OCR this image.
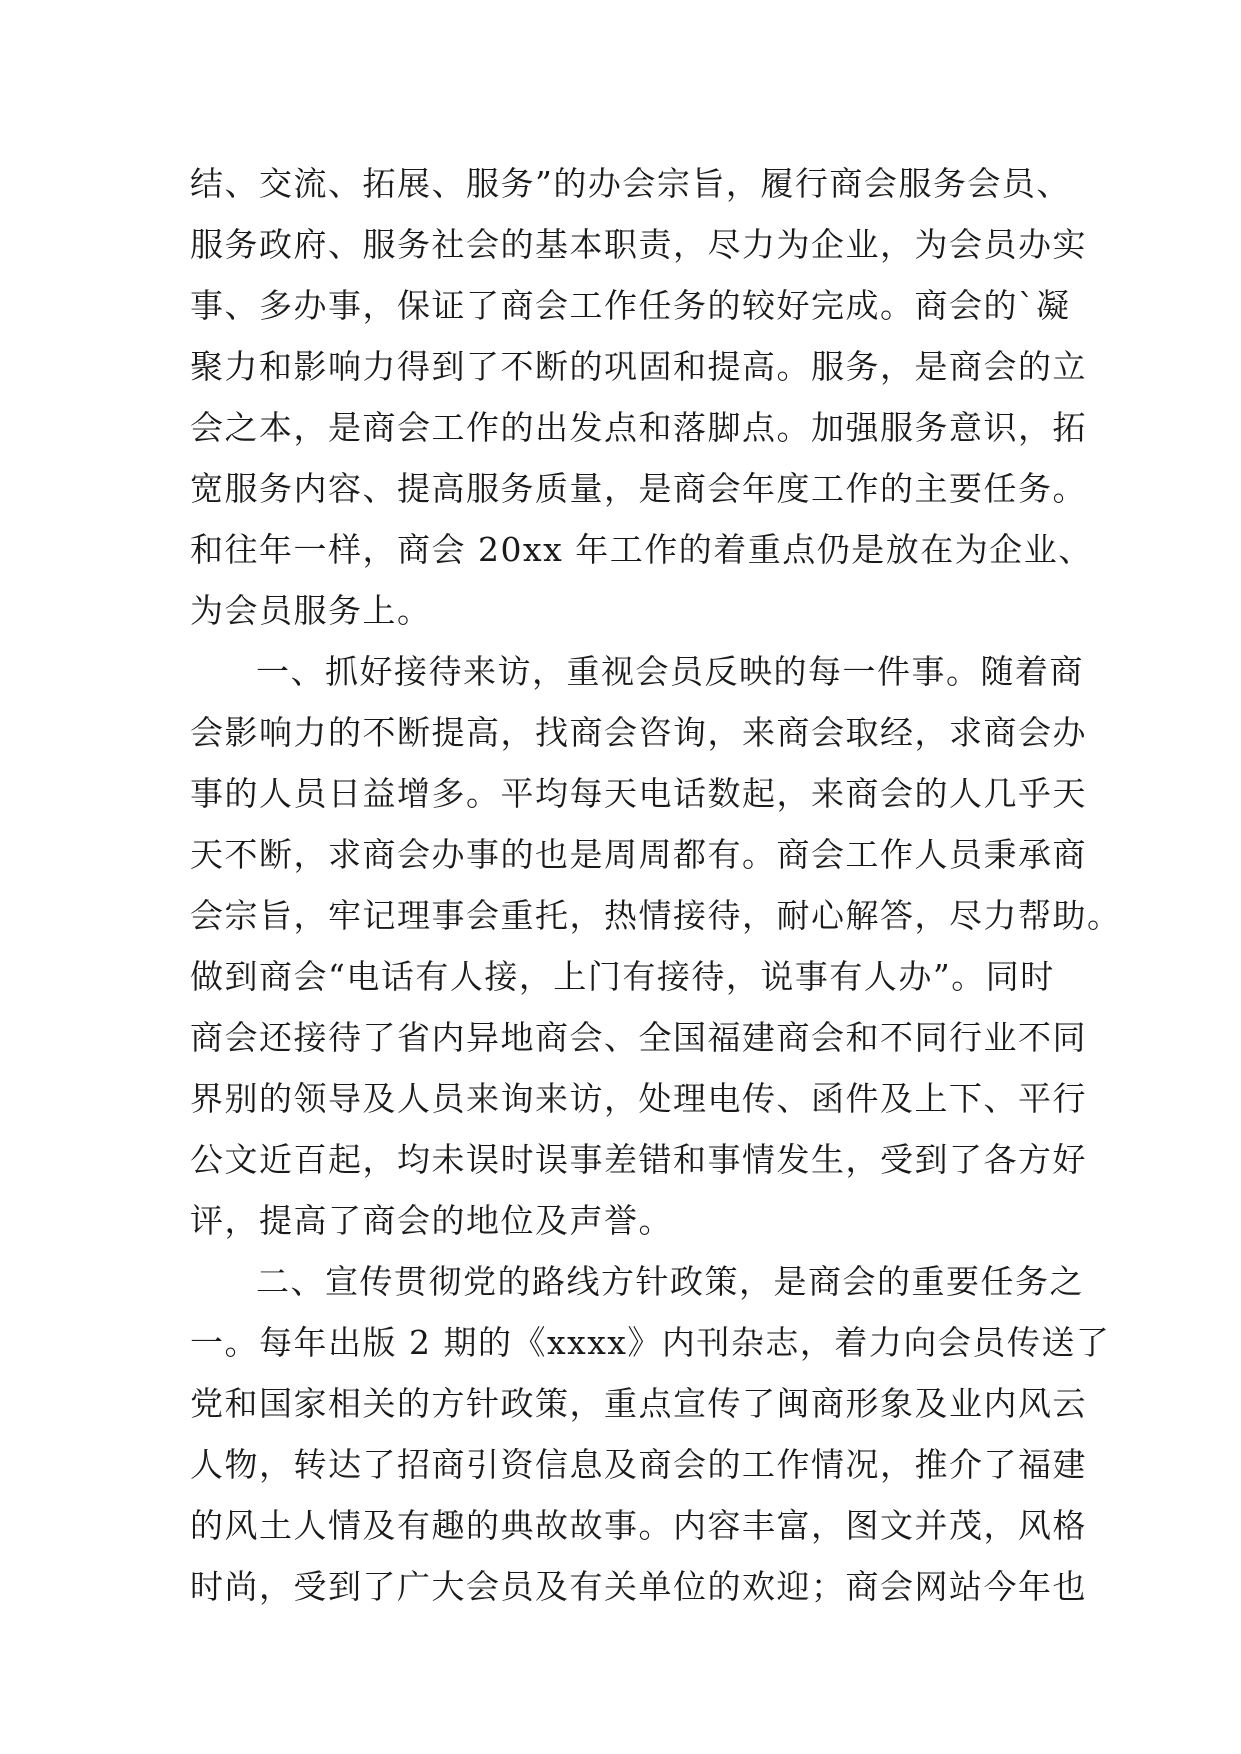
结、交流、拓展、服务”的办会宗旨，履行商会服务会员、
服务政府、服务社会的基本职责，尽力为企业，为会员办实
事、多办事，保证了商会工作任务的较好完成。商会的`凝
聚力和影响力得到了不断的巩固和提高。服务，是商会的立
会之本，是商会工作的出发点和落脚点。加强服务意识，拓
宽服务内容、提高服务质量，是商会年度工作的主要任务。
和往年一样，商会 20xx 年工作的着重点仍是放在为企业、
为会员服务上。
一、抓好接待来访，重视会员反映的每一件事。随着商
会影响力的不断提高，找商会咨询，来商会取经，求商会办
事的人员日益增多。平均每天电话数起，来商会的人几乎天
天不断，求商会办事的也是周周都有。商会工作人员秉承商
会宗旨，牢记理事会重托，热情接待，耐心解答，尽力帮助。
做到商会“电话有人接，上门有接待，说事有人办”。同时
商会还接待了省内异地商会、全国福建商会和不同行业不同
界别的领导及人员来询来访，处理电传、函件及上下、平行
公文近百起，均未误时误事差错和事情发生，受到了各方好
评，提高了商会的地位及声誉。
二、宣传贯彻党的路线方针政策，是商会的重要任务之
一。每年出版 2 期的《xxxx》内刊杂志，着力向会员传送了
党和国家相关的方针政策，重点宣传了闽商形象及业内风云
人物，转达了招商引资信息及商会的工作情况，推介了福建
的风土人情及有趣的典故故事。内容丰富，图文并茂，风格
时尚，受到了广大会员及有关单位的欢迎；商会网站今年也
